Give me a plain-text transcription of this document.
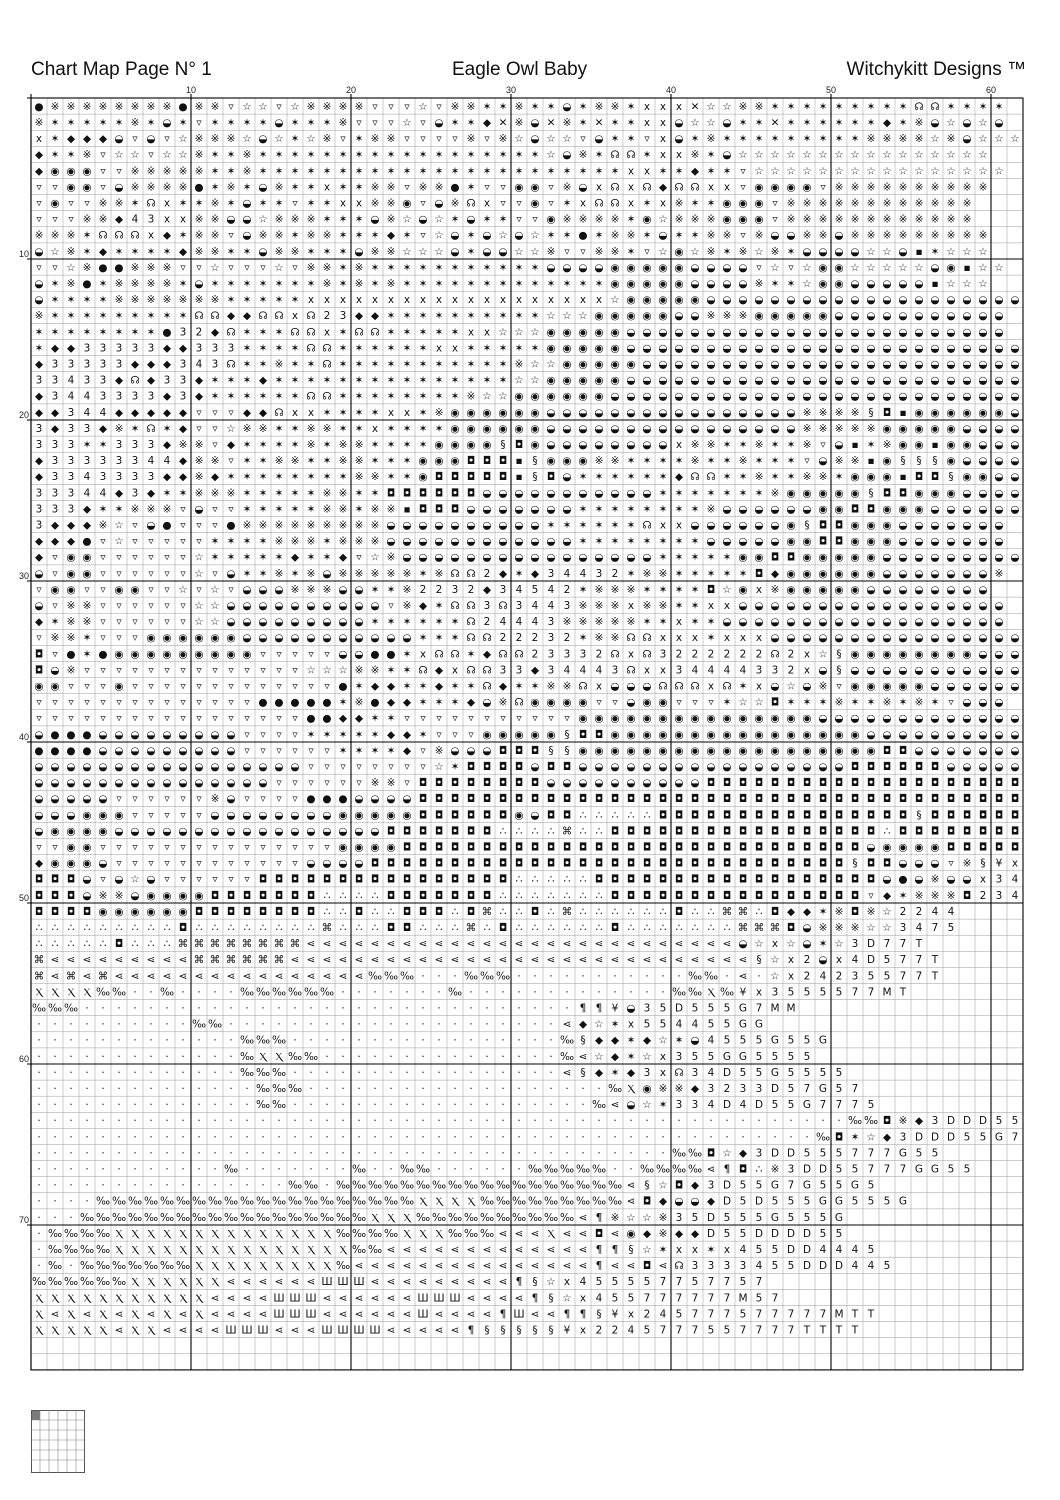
Chart Map Page N° 1	Eagle Owl Baby	Witchykitt Designs ™
10	20	30	40	50	60
10
20
30
40
50
60
70
● ※ ※ ※ ※ ※ ※ ※ ※ ● ※ ※ ▿ ☆ ☆ ▿ ☆ ※ ※ ※ ※ ▿ ▿ ▿ ☆ ▿ ※ ※ ✶ ✶ ※ ✶ ✶ ◒ ✶ ※ ※ ✶ x x x ✕ ☆ ☆ ※ ※ ✶ ✶ ✶ ✶ ✶ ✶ ✶ ✶ ✶ ☊ ☊ ✶ ✶ ✶ ✶
※ ✶ ✶ ✶ ✶ ✶ ※ ✶ ◒ ✶ ▿ ✶ ✶ ✶ ✶ ◒ ✶ ✶ ✶ ※ ▿ ▿ ▿ ☆ ▿ ◒ ✶ ✶ ◆ ✕ ※ ◒ ✕ ※ ✶ ✕ ✶ ✶ x x ◒ ☆ ☆ ◒ ✶ ✶ ✕ ✶ ✶ ✶ ✶ ✶ ✶ ◆ ✶ ※ ◒ ☆ ◒ ☆ ◒
x ✶ ◆ ◆ ◆ ◒ ▿ ◒ ▿ ☆ ※ ※ ※ ☆ ◒ ☆ ✶ ☆ ※ ▿ ✶ ※ ※ ▿ ▿ ▿ ▿ ※ ▿ ※ ☆ ◒ ☆ ☆ ▿ ◒ ✶ ✶ ▿ x ◒ ✶ ※ ✶ ✶ ✶ ✶ ✶ ✶ ✶ ✶ ✶ ※ ※ ※ ※ ☆ ※ ◒ ☆ ☆ ☆
◆ ✶ ✶ ※ ▿ ☆ ☆ ▿ ☆ ☆ ※ ✶ ✶ ※ ✶ ✶ ✶ ✶ ✶ ✶ ✶ ✶ ✶ ✶ ✶ ✶ ✶ ✶ ✶ ✶ ✶ ✶ ☆ ◒ ※ ✶ ☊ ☊ ✶ x x ※ ✶ ◒ ☆ ☆ ☆ ☆ ☆ ☆ ☆ ☆ ☆ ☆ ☆ ☆ ☆ ☆ ☆ ☆
◆ ◉ ◉ ◉ ▿ ▿ ※ ※ ※ ※ ※ ✶ ✶ ※ ✶ ✶ ✶ ✶ ✶ ✶ ✶ ✶ ✶ ✶ ✶ ✶ ✶ ✶ ✶ ✶ ✶ ✶ ✶ ✶ ✶ ✶ ✶ x x ✶ ✶ ◆ ✶ ✶ ▿ ☆ ☆ ☆ ☆ ☆ ☆ ☆ ☆ ☆ ☆ ☆ ☆ ☆ ☆ ☆ ☆
▿ ▿ ◉ ◉ ▿ ◒ ※ ※ ※ ※ ● ✶ ※ ✶ ◒ ※ ✶ ✶ x ✶ ✶ ※ ※ ▿ ※ ※ ● ✶ ▿ ▿ ◉ ◉ ▿ ※ ◒ x ☊ x ☊ ◆ ☊ ☊ x x ▿ ◉ ◉ ◉ ◉ ▿ ※ ※ ※ ※ ※ ※ ※ ※ ※ ※
▿ ◉ ▿ ▿ ※ ※ ✶ ☊ x ✶ ✶ ※ ✶ ◒ ✶ ✶ ▿ ✶ ✶ x x ※ ※ ◉ ▿ ◒ ※ ☊ x ▿ ▿ ◉ ▿ ✶ x ☊ ☊ x ✶ x ※ ✶ ✶ ◉ ◉ ◉ ▿ ※ ※ ※ ※ ※ ※ ※ ※ ※ ※ ※ ※
▿ ▿ ▿ ※ ※ ◆ 4 3 x x ※ ※ ◒ ◒ ☆ ※ ※ ※ ✶ ✶ ✶ ◒ ※ ☆ ◒ ☆ ✶ ◒ ✶ ✶ ▿ ▿ ◉ ※ ※ ※ ※ ✶ ◉ ☆ ※ ※ ※ ◉ ◉ ◉ ▿ ※ ※ ※ ※ ※ ※ ※ ※ ※ ※ ※ ※
※ ※ ※ ✶ ☊ ☊ ☊ x ◆ ✶ ※ ※ ▿ ◒ ※ ※ ✶ ※ ※ ✶ ✶ ✶ ◆ ✶ ▿ ☆ ◒ ✶ ◒ ☆ ◒ ☆ ✶ ✶ ● ✶ ※ ※ ✶ ◒ ✶ ✶ ※ ※ ▿ ※ ◒ ◒ ※ ※ ◒ ※ ※ ※ ※ ※ ※ ※ ※ ※
◒ ☆ ※ ✶ ◆ ✶ ✶ ✶ ✶ ◆ ※ ※ ✶ ✶ ◒ ※ ※ ✶ ✶ ✶ ◒ ※ ※ ☆ ☆ ☆ ◒ ✶ ◒ ◒ ☆ ☆ ※ ▿ ▿ ※ ※ ✶ ▿ ☆ ◉ ☆ ※ ✶ ※ ☆ ※ ✶ ◒ ◒ ◒ ◒ ☆ ☆ ◒ ▪ ✶ ☆ ☆ ☆
▿ ▿ ☆ ※ ● ● ※ ※ ※ ▿ ▿ ☆ ▿ ▿ ▿ ☆ ▿ ※ ※ ✶ ※ ✶ ✶ ✶ ✶ ✶ ✶ ✶ ✶ ✶ ✶ ✶ ◒ ◒ ◒ ◒ ◉ ◉ ◉ ◉ ◉ ◒ ◒ ◒ ◒ ▿ ☆ ▿ ☆ ◉ ◉ ☆ ☆ ☆ ☆ ☆ ◒ ◉ ▪ ☆ ☆
◒ ✶ ※ ● ✶ ※ ※ ※ ※ ✶ ◒ ✶ ✶ ✶ ✶ ✶ ✶ ✶ ※ ✶ ※ ✶ ※ ✶ ✶ ✶ ✶ ✶ ✶ ✶ ✶ ✶ ✶ ✶ ✶ ✶ ◉ ◉ ◉ ◉ ◉ ◒ ◒ ◒ ◒ ※ ✶ ✶ ☆ ◉ ◉ ◒ ◒ ◒ ◒ ◒ ▪ ☆ ☆ ☆
◒ ✶ ✶ ✶ ✶ ※ ※ ※ ※ ※ ※ ※ ✶ ✶ ✶ ✶ ✶ x x x x x x x x x x x x x x x x x x x ☆ ◉ ◉ ◉ ◉ ◉ ◒ ◒ ◒ ◒ ◒ ◒ ◒ ◒ ◒ ◒ ◒ ◒ ◒ ◒ ◒ ◒ ◒ ◒ ◒ ◒
※ ✶ ✶ ✶ ✶ ✶ ✶ ✶ ✶ ✶ ☊ ☊ ◆ ◆ ☊ ☊ x ☊ 2 3 ◆ ◆ ✶ ✶ ✶ ✶ ✶ ✶ ✶ ✶ ✶ ✶ ☆ ☆ ☆ ◉ ◉ ◉ ◉ ◉ ◒ ◒ ※ ※ ※ ◉ ◉ ◉ ◉ ◉ ◒ ◒ ◒ ◒ ◒ ◒ ◒ ◒ ◒ ◒ ◒
✶ ✶ ✶ ✶ ✶ ✶ ✶ ✶ ● 3 2 ◆ ☊ ✶ ✶ ✶ ☊ ☊ x ✶ ☊ ☊ ✶ ✶ ✶ ✶ ✶ x x ☆ ☆ ☆ ◉ ◉ ◉ ◉ ◉ ◒ ◒ ◒ ◒ ◒ ◒ ◒ ◒ ◒ ◒ ◒ ◒ ◒ ◒ ◒ ◒ ◒ ◒ ◒ ◒ ◒ ◒ ◒ ◒
✶ ◆ ◆ 3 3 3 3 3 ◆ ◆ 3 3 3 ✶ ✶ ✶ ✶ ☊ ☊ ✶ ✶ ✶ ✶ ✶ ✶ x x ✶ ✶ ✶ ✶ ✶ ◉ ◉ ◉ ◉ ◉ ◒ ◒ ◒ ◒ ◒ ◒ ◒ ◒ ◒ ◒ ◒ ◒ ◒ ◒ ◒ ◒ ◒ ◒ ◒ ◒ ◒ ◒ ◒ ◒ ◒
◆ 3 3 3 3 3 ◆ ◆ ◆ 3 4 3 ☊ ✶ ✶ ※ ✶ ✶ ☊ ✶ ✶ ✶ ✶ ✶ ✶ ✶ ✶ ✶ ✶ ✶ ※ ☆ ☆ ◉ ◉ ◉ ◉ ◉ ◒ ◒ ◒ ◒ ◒ ◒ ◒ ◒ ◒ ◒ ◒ ◒ ◒ ◒ ◒ ◒ ◒ ◒ ◒ ◒ ◒ ◒ ◒ ◒
3 3 4 3 3 ◆ ☊ ◆ 3 3 ◆ ✶ ✶ ✶ ◆ ✶ ✶ ✶ ✶ ✶ ✶ ✶ ✶ ✶ ✶ ✶ ✶ ✶ ✶ ✶ ☆ ☆ ◉ ◉ ◉ ◉ ◉ ◒ ◒ ◒ ◒ ◒ ◒ ◒ ◒ ◒ ◒ ◒ ◒ ◒ ◒ ◒ ◒ ◒ ◒ ◒ ◒ ◒ ◒ ◒ ◒ ◒
◆ 3 4 4 3 3 3 3 ◆ 3 ◆ ✶ ✶ ✶ ✶ ✶ ✶ ☊ ☊ ✶ ✶ ✶ ✶ ✶ ✶ ✶ ✶ ※ ☆ ☆ ◉ ◉ ◉ ◉ ◉ ◉ ◒ ◒ ◒ ◒ ◒ ◒ ◒ ◒ ◒ ◒ ◒ ◒ ◒ ◒ ◒ ◒ ◒ ◒ ◒ ◒ ◒ ◒ ◒ ◒ ◒ ◒
◆ ◆ 3 4 4 ◆ ◆ ◆ ◆ ◆ ▿ ▿ ▿ ◆ ◆ ☊ x x ✶ ✶ ✶ ✶ x x ✶ ※ ◉ ◉ ◉ ◉ ◉ ◉ ◒ ◒ ◒ ◒ ◒ ◒ ◒ ◒ ◒ ◒ ◒ ◒ ◒ ◒ ◒ ◒ ※ ※ ※ ※ § ◘ ▪ ◉ ◉ ◉ ◉ ◉ ◉ ◒
3 ◆ 3 3 ◆ ※ ✶ ☊ ✶ ◆ ▿ ▿ ☆ ※ ※ ✶ ✶ ※ ※ ✶ ✶ x ✶ ✶ ✶ ✶ ◉ ◉ ◉ ◉ ◉ ◉ ◒ ◒ ◒ ◒ ◒ ◒ ◒ ◒ ◒ ◒ ◒ ◒ ◒ ◒ ◒ ◒ ※ ※ ※ ※ ※ ◉ ◉ ◉ ◉ ◉ ◒ ◒ ◒ ◒
3 3 3 ✶ ✶ 3 3 3 ◆ ※ ※ ▿ ◆ ✶ ✶ ✶ ✶ ※ ✶ ※ ※ ✶ ✶ ✶ ✶ ◉ ◉ ◉ ◉ § ◘ ◉ ◒ ◒ ◒ ◒ ◒ ◒ ◒ ◒ x ※ ※ ✶ ✶ ※ ✶ ✶ ※ ▿ ◒ ▪ ✶ ※ ◉ ◉ ▪ ◉ ◉ ◒ ◒ ◒
◆ 3 3 3 3 3 3 4 4 ◆ ※ ※ ▿ ✶ ✶ ※ ※ ✶ ✶ ※ ※ ✶ ✶ ✶ ◉ ◉ ◉ ◘ ◘ ◘ ▪ § ◉ ◉ ◉ ※ ※ ✶ ✶ ✶ ✶ ※ ✶ ✶ ※ ✶ ✶ ✶ ▿ ◒ ※ ※ ▪ ◉ § § § ◉ ◒ ◒ ◒ ◒
◆ 3 3 4 3 3 3 3 ◆ ◆ ※ ◆ ✶ ✶ ✶ ✶ ✶ ✶ ✶ ✶ ※ ※ ✶ ✶ ◉ ◘ ◘ ◘ ◘ ◘ ▪ § ◘ ◒ ✶ ✶ ✶ ✶ ✶ ✶ ◆ ☊ ☊ ✶ ✶ ※ ✶ ✶ ※ ※ ✶ ◉ ◉ ◉ ▪ ◘ ◘ § ◉ ◉ ◒ ◒
3 3 3 4 4 ◆ 3 ◆ ✶ ✶ ※ ※ ※ ✶ ✶ ✶ ✶ ✶ ※ ※ ✶ ✶ ◘ ◘ ◘ ◘ ◘ ◘ ◒ ◒ ◒ ◒ ◒ ◒ ◒ ◒ ◒ ◒ ◒ ✶ ✶ ✶ ✶ ✶ ✶ ✶ ※ ◉ ◉ ◉ ◉ ◉ § ◘ ◘ ◉ ◉ ◉ ◒ ◒ ◒ ◒
3 3 3 ◆ ✶ ✶ ※ ※ ※ ▿ ◒ ▿ ▿ ✶ ✶ ✶ ✶ ✶ ※ ※ ✶ ※ ※ ▪ ◘ ◘ ◘ ◒ ◒ ◒ ◒ ◒ ◒ ◒ ✶ ✶ ✶ ✶ ✶ ✶ ✶ ✶ ※ ◒ ◒ ◒ ◒ ◒ ◒ ◉ ◉ ◘ ◘ ◉ ◉ ◉ ◒ ◒ ◒ ◒ ◒ ◒
3 ◆ ◆ ◆ ※ ☆ ▿ ◒ ● ▿ ▿ ▿ ● ※ ※ ※ ※ ※ ※ ※ ※ ※ ◒ ◒ ◒ ◒ ◒ ◒ ◒ ◒ ◒ ◒ ✶ ✶ ✶ ✶ ✶ ✶ ☊ x x ◒ ◒ ◒ ◒ ◒ ◒ ◉ § ◘ ◘ ◉ ◉ ◉ ◒ ◒ ◒ ◒ ◒ ◒ ◒
◆ ◆ ◆ ● ▿ ☆ ▿ ▿ ▿ ▿ ▿ ✶ ✶ ✶ ✶ ※ ※ ※ ✶ ※ ※ ※ ◒ ◒ ◒ ◒ ◒ ◒ ◒ ◒ ◒ ◒ ◒ ◒ ✶ ✶ ✶ ✶ ✶ ✶ ✶ ✶ ◒ ◒ ◒ ◒ ◒ ◉ ◉ ◘ ◘ ◉ ◉ ◉ ◒ ◒ ◒ ◒ ◒ ◒ ◒
◆ ▿ ◉ ◉ ▿ ▿ ▿ ▿ ▿ ▿ ☆ ✶ ✶ ✶ ✶ ✶ ◆ ✶ ✶ ◆ ▿ ☆ ※ ◒ ◒ ◒ ◒ ◒ ◒ ◒ ◒ ◒ ◒ ◒ ◒ ◒ ◒ ◒ ◒ ✶ ✶ ✶ ✶ ✶ ◉ ◉ ◘ ◘ ◉ ◉ ◉ ◉ ◉ ◒ ◒ ◒ ◒ ◒ ◒ ◒ ◒ ◒
◒ ▿ ◉ ◉ ▿ ▿ ▿ ▿ ▿ ▿ ☆ ▿ ◒ ✶ ✶ ※ ✶ ※ ◒ ※ ※ ※ ※ ※ ✶ ※ ☊ ☊ 2 ◆ ✶ ◆ 3 4 4 3 2 ✶ ※ ※ ✶ ✶ ✶ ✶ ✶ ◘ ◆ ◉ ◉ ◉ ◉ ◉ ◉ ◒ ◒ ◒ ◒ ◒ ◒ ◒ ※
▿ ◉ ◉ ▿ ▿ ◉ ◉ ▿ ▿ ☆ ▿ ☆ ▿ ◒ ◒ ◒ ※ ※ ※ ◒ ◒ ✶ ✶ ※ 2 2 3 2 ◆ 3 4 5 4 2 ✶ ※ ※ ※ ✶ ✶ ✶ ✶ ◘ ☆ ◉ x ※ ◉ ◉ ◉ ◉ ◉ ◒ ◒ ◒ ◒ ◒ ◒ ◒ ◒
◒ ▿ ※ ※ ▿ ▿ ▿ ▿ ▿ ▿ ☆ ☆ ◒ ◒ ◒ ◒ ◒ ◒ ◒ ◒ ◒ ◒ ▿ ※ ◆ ✶ ☊ ☊ 3 ☊ 3 4 4 3 ※ ※ ※ x ※ ※ ✶ ✶ x x ◒ ◒ ◒ ◒ ◒ ◒ ◒ ◒ ◒ ◒ ◒ ◒ ◒ ◒ ◒ ◒ ◒
◆ ✶ ※ ※ ▿ ▿ ▿ ▿ ▿ ▿ ☆ ☆ ◒ ◒ ◒ ◒ ◒ ◒ ◒ ◒ ◒ ✶ ✶ ✶ ✶ ✶ ✶ ☊ 2 4 4 4 3 ※ ※ ※ ※ ※ ✶ ✶ x ✶ ✶ ◒ ◒ ◒ ◒ ◒ ◒ ◒ ◒ ◒ ◒ ◒ ◒ ◒ ◒ ◒ ◒ ◒ ◒
▿ ※ ※ ✶ ▿ ▿ ▿ ◉ ◉ ◉ ◉ ◉ ◉ ◒ ◒ ◒ ◒ ◒ ◒ ◒ ◒ ◒ ◒ ◒ ✶ ✶ ✶ ☊ ☊ 2 2 2 3 2 ✶ ※ ※ ☊ ☊ x x x ✶ x x x ◒ ◒ ◒ ◒ ◒ ◒ ◒ ◒ ◒ ◒ ◒ ◒ ◒ ◒ ◒ ◒
◘ ▿ ● ✶ ● ◉ ◉ ◉ ◉ ◉ ◉ ◉ ◉ ◉ ▿ ▿ ▿ ▿ ▿ ◒ ◒ ● ● ✶ x ☊ ☊ ✶ ◆ ☊ ☊ 2 3 3 3 2 ☊ x ☊ 3 2 2 2 2 2 2 ☊ 2 x ☆ § ◉ ◉ ◉ ◉ ◉ ◉ ◉ ◉ ◒ ◒ ◒
◘ ◒ ※ ▿ ▿ ▿ ▿ ▿ ▿ ▿ ▿ ▿ ▿ ▿ ▿ ▿ ▿ ☆ ☆ ☆ ※ ※ ✶ ✶ ☊ ◆ x ☊ ☊ 3 3 ◆ 3 4 4 4 3 ☊ x x 3 4 4 4 4 3 3 2 x ◒ § ◒ ◒ ◒ ◒ ◒ ◒ ◒ ◒ ◒ ◒ ◒
◉ ◉ ▿ ▿ ▿ ◉ ▿ ▿ ▿ ▿ ▿ ▿ ▿ ▿ ▿ ▿ ▿ ▿ ▿ ● ✶ ◆ ◆ ✶ ✶ ◆ ✶ ✶ ☊ ◆ ✶ ✶ ※ ※ ☊ x ◒ ◒ ◒ ☊ ☊ ☊ x ☊ ✶ x ◒ ☆ ◒ ※ ▿ ◉ ◉ ◉ ◉ ◉ ◒ ◒ ◒ ◒ ◒ ◒
▿ ▿ ▿ ▿ ▿ ▿ ▿ ▿ ▿ ▿ ▿ ▿ ▿ ▿ ● ● ● ● ● ✶ ※ ● ◆ ◆ ✶ ✶ ✶ ◆ ◒ ※ ☊ ◉ ◉ ◉ ◉ ▿ ▿ ◒ ◉ ◉ ▿ ▿ ▿ ✶ ☆ ☆ ◘ ✶ ✶ ✶ ※ ✶ ✶ ※ ✶ ※ ✶ ▿ ◒ ◒ ◒
▿ ▿ ▿ ▿ ▿ ▿ ▿ ▿ ▿ ▿ ▿ ▿ ▿ ▿ ▿ ▿ ▿ ● ● ◆ ◆ ✶ ✶ ▿ ▿ ▿ ▿ ▿ ▿ ▿ ▿ ▿ ▿ ▿ ◉ ◉ ◉ ◉ ◉ ◉ ◉ ◉ ◉ ◉ ◉ ◉ ◉ ◉ ◉ ◒ ◒ ◒ ◒ ◒ ◒ ◒ ◒ ◒ ◒ ◒ ◒ ◒
◒ ● ● ● ◒ ◒ ◒ ◒ ◒ ◒ ◒ ◒ ◒ ▿ ▿ ▿ ▿ ✶ ✶ ✶ ✶ ✶ ◆ ◆ ✶ ▿ ▿ ▿ ◉ ◉ ◉ ◉ ◉ § ◘ ◘ ◉ ◉ ◉ ◉ ◉ ◉ ◉ ◉ ◉ ◉ ◉ ◉ ◉ ◉ ◉ ◉ ◒ ◒ ◒ ◒ ◒ ◒ ◒ ◒ ◒ ◒
● ● ● ● ◒ ◒ ◒ ◒ ◒ ◒ ◒ ◒ ◒ ▿ ▿ ▿ ▿ ▿ ▿ ✶ ✶ ✶ ✶ ◆ ▿ ※ ◒ ◒ ◒ ◘ ◘ ◘ § § ◉ ◉ ◉ ◉ ◉ ◉ ◉ ◉ ◉ ◉ ◉ ◉ ◉ ◉ ◉ ◉ ◉ ◉ ◉ ◘ ◘ ◒ ◒ ◒ ◒ ◒ ◒ ◒
◒ ◒ ◒ ◒ ◒ ◒ ◒ ◒ ◒ ◒ ◒ ◒ ◒ ◒ ◒ ◒ ◒ ▿ ▿ ▿ ▿ ▿ ▿ ▿ ▿ ☆ ✶ ◘ ◘ ◘ ◘ ◒ ◘ ◘ ◒ ◒ ◒ ◒ ◒ ◒ ◒ ◒ ◒ ◒ ◒ ◒ ◒ ◒ ◒ ◒ ◒ ◘ ◘ ◘ ◘ ◘ ◘ ◒ ◒ ◒ ◒ ◒
◒ ◒ ◒ ◒ ◒ ◒ ◒ ◒ ◒ ◒ ◒ ◒ ◒ ◒ ◒ ▿ ▿ ▿ ▿ ▿ ▿ ※ ※ ▿ ◘ ◘ ◘ ◘ ◘ ◘ ◘ ◘ ◒ ◒ ◒ ◒ ◒ ◒ ◒ ◒ ◒ ◒ ◘ ◘ ◘ ◘ ◘ ◘ ◘ ◘ ◘ ◘ ◘ ◘ ◘ ◘ ◘ ◘ ◘ ◘ ◘ ◘
◒ ◒ ◒ ◒ ◒ ▿ ▿ ▿ ▿ ▿ ▿ ※ ◒ ▿ ▿ ▿ ▿ ● ● ● ◒ ◒ ◒ ◒ ◘ ◘ ◘ ◘ ◘ ◘ ◘ ◘ ◘ ◘ ◘ ◘ ◘ ◘ ◘ ◘ ◘ ◘ ◘ ◘ ◘ ◘ ◘ ◘ ◘ ◘ ◘ ◘ ◘ ◘ ◘ ◘ ◘ ◘ ◘ ◘ ◘ ◘
◒ ◒ ◒ ◉ ◉ ◉ ▿ ▿ ▿ ▿ ▿ ◒ ◒ ◒ ◒ ◒ ◒ ◒ ◒ ◉ ◉ ◉ ◉ ◉ ◘ ◘ ◘ ◘ ◘ ◘ ◉ ◒ ◘ ◘ ∴ ∴ ∴ ∴ ∴ ◘ ◘ ◘ ◘ ◘ ◘ ◘ ◘ ◘ ◘ ◘ ◘ ◘ ◘ ◘ ◘ § ◘ ◘ ◘ ◘ ◘ ◘
◒ ◉ ◉ ◉ ◉ ◒ ◒ ◒ ◒ ◒ ◒ ◒ ◒ ◒ ◒ ◒ ◒ ◒ ◒ ◒ ◒ ◒ ◘ ◘ ◘ ◘ ◘ ◘ ◘ ∴ ∴ ∴ ∴ ⌘ ∴ ∴ ◘ ◘ ◘ ◘ ◘ ◘ ◘ ◘ ◘ ◘ ◘ ◘ ◘ ◘ ◘ ◘ ◘ ∴ ◘ ◘ ◘ ◘ ◘ ◘ ◘ ◘
▿ ▿ ◉ ◉ ▿ ▿ ▿ ▿ ▿ ▿ ▿ ▿ ▿ ▿ ▿ ▿ ▿ ▿ ▿ ◉ ◉ ◉ ◉ ◘ ◘ ◘ ◘ ◘ ◘ ◘ ◘ ◘ ◘ ◘ ◘ ◘ ◘ ◘ ◘ ◘ ◘ ◘ ◘ ◘ ◘ ◘ ◘ ◘ ◘ ◘ ◘ ◘ ◒ ◉ ◉ ◉ ◉ ◘ ◘ ◘ ◘ ◘
◆ ◉ ◉ ◉ ◒ ▿ ▿ ▿ ▿ ▿ ▿ ▿ ▿ ▿ ▿ ▿ ▿ ◒ ◒ ◒ ◒ ◘ ◘ ◘ ◘ ◘ ◘ ◘ ◘ ◘ ◘ ◘ ◘ ◘ ◘ ◘ ◘ ◘ ◘ ◘ ◘ ◘ ◘ ◘ ◘ ◘ ◘ ◘ ◘ ◘ ◘ § ◘ ◘ ◒ ◒ ◒ ▿ ※ § ¥ x
◘ ◘ ◘ ◒ ▿ ◒ ☆ ◒ ▿ ▿ ▿ ▿ ▿ ▿ ◘ ◘ ◘ ◘ ◘ ◘ ◘ ◘ ◘ ◘ ◘ ◘ ◘ ◘ ◘ ◘ ∴ ∴ ∴ ∴ ∴ ◘ ◘ ◘ ◘ ◘ ◘ ◘ ◘ ◘ ◘ ◘ ◘ ◘ ◘ ◘ ◘ ◘ ◘ ◒ ● ◒ ※ ◒ ◒ x 3 4
◘ ◘ ◘ ◒ ※ ※ ◒ ◉ ◉ ◉ ◉ ◘ ◘ ◘ ◘ ◘ ◘ ◘ ∴ ∴ ∴ ∴ ◘ ◘ ◘ ◘ ◘ ◘ ◘ ∴ ∴ ∴ ∴ ∴ ∴ ∴ ◘ ◘ ◘ ◘ ◘ ◘ ◘ ◘ ◘ ◘ ◘ ◘ ◘ ◘ ◘ ◘ ▿ ◆ ✶ ※ ※ ※ ◘ 2 3 4
◘ ◘ ◘ ◘ ◉ ◉ ◉ ◉ ◉ ◉ ◘ ◘ ◘ ◘ ◘ ◘ ◘ ◘ ∴ ∴ ◘ ∴ ∴ ◘ ◘ ◘ ∴ ◘ ⌘ ∴ ∴ ◘ ∴ ⌘ ∴ ∴ ∴ ∴ ∴ ∴ ◘ ∴ ∴ ⌘ ⌘ ∴ ◘ ◆ ◆ ✶ ※ ◘ ※ ☆ 2 2 4 4
∴ ∴ ∴ ∴ ∴ ∴ ∴ ∴ ∴ ◘ ∴ ∴ ∴ ∴ ∴ ∴ ∴ ∴ ⌘ ∴ ∴ ∴ ◘ ◘ ∴ ∴ ∴ ⌘ ∴ ◘ ∴ ∴ ∴ ∴ ∴ ∴ ◘ ∴ ∴ ∴ ∴ ∴ ∴ ∴ ⌘ ⌘ ⌘ ◘ ◒ ※ ※ ※ ☆ ☆ 3 4 7 5
∴ ∴ ∴ ∴ ∴ ◘ ∴ ∴ ∴ ⌘ ⌘ ⌘ ⌘ ⌘ ⌘ ⌘ ⌘ ⋖ ⋖ ⋖ ⋖ ⋖ ⋖ ⋖ ⋖ ⋖ ⋖ ⋖ ⋖ ⋖ ⋖ ⋖ ⋖ ⋖ ⋖ ⋖ ⋖ ⋖ ⋖ ⋖ ⋖ ⋖ ⋖ ⋖ ◒ ☆ x ☆ ◒ ✶ ☆ 3 D 7 7 T
⌘ ⋖ ⋖ ⋖ ⋖ ⋖ ⋖ ⋖ ⋖ ⋖ ⌘ ⌘ ⌘ ⌘ ⌘ ⌘ ⋖ ⋖ ⋖ ⋖ ⋖ ⋖ ⋖ ⋖ ⋖ ⋖ ⋖ ⋖ ⋖ ⋖ ⋖ ⋖ ⋖ ⋖ ⋖ ⋖ ⋖ ⋖ ⋖ ⋖ ⋖ ⋖ ⋖ ⋖ ⋖ § ☆ x 2 ◒ x 4 D 5 7 7 T
⌘ ⋖ ⌘ ⋖ ⌘ ⋖ ⋖ ⋖ ⋖ ⋖ ⋖ ⋖ ⋖ ⋖ ⋖ ⋖ ⋖ ⋖ ⋖ ⋖ ⋖ ‰ ‰ ‰ · · · ‰ ‰ ‰ · · · · · · · · · · · ‰ ‰ · ⋖ · ☆ x 2 4 2 3 5 5 7 7 T
Ⲭ Ⲭ Ⲭ Ⲭ ‰ ‰ · · ‰ · · · · ‰ ‰ ‰ ‰ ‰ ‰ · · · · · · · ‰ · · · · · · · · · · · · · ‰ ‰ Ⲭ ‰ ¥ x 3 5 5 5 5 7 7 M T
‰ ‰ ‰ · · · · · · · · · · · · · · · · · · · · · · · · · · · · · · · ¶ ¶ ¥ ◒ 3 5 D 5 5 5 G 7 M M
· · · · · · · · · · ‰ ‰ · · · · · · · · · · · · · · · · · · · · · ⋖ ◆ ☆ ✶ x 5 5 4 4 5 5 G G
· · · · · · · · · · · · · ‰ ‰ ‰ · · · · · · · · · · · · · · · · · ‰ § ◆ ◆ ✶ ◆ ☆ ✶ ◒ 4 5 5 5 G 5 5 G
· · · · · · · · · · · · · ‰ Ⲭ Ⲭ ‰ ‰ · · · · · · · · · · · · · · · ‰ ⋖ ☆ ◆ ✶ ☆ x 3 5 5 G G 5 5 5 5
· · · · · · · · · · · · · ‰ ‰ ‰ · · · · · · · · · · · · · · · · · ⋖ § ◆ ✶ ◆ 3 x ☊ 3 4 D 5 5 G 5 5 5 5
· · · · · · · · · · · · · · ‰ ‰ ‰ · · · · · · · · · · · · · · · · · · · ‰ Ⲭ ◉ ※ ※ ◆ 3 2 3 3 D 5 7 G 5 7
· · · · · · · · · · · · · · ‰ ‰ · · · · · · · · · · · · · · · · · · · ‰ ⋖ ◒ ☆ ✶ 3 3 4 D 4 D 5 5 G 7 7 7 5
· · · · · · · · · · · · · · · · · · · · · · · · · · · · · · · · · · · · · · · · · · · · · · · · · · · ‰ ‰ ◘ ※ ◆ 3 D D D 5 5
· · · · · · · · · · · · · · · · · · · · · · · · · · · · · · · · · · · · · · · · · · · · · · · · · ‰ ◘ ✶ ☆ ◆ 3 D D D 5 5 G 7
· · · · · · · · · · · · · · · · · · · · · · · · · · · · · · · · · · · · · · · · ‰ ‰ ◘ ☆ ◆ 3 D D 5 5 5 7 7 7 G 5 5
· · · · · · · · · · · · ‰ · · · · · · · ‰ · · ‰ ‰ · · · · · · ‰ ‰ ‰ ‰ ‰ · · ‰ ‰ ‰ ‰ ⋖ ¶ ◘ ∴ ※ 3 D D 5 5 7 7 7 G G 5 5
· · · · · · · · · · · · · · · · ‰ ‰ · ‰ ‰ ‰ ‰ ‰ ‰ ‰ ‰ ‰ ‰ ‰ ‰ ‰ ‰ ‰ ‰ ‰ ‰ ⋖ § ☆ ◘ ◆ 3 D 5 5 G 7 G 5 5 G 5
· · · · ‰ ‰ ‰ ‰ ‰ ‰ ‰ ‰ ‰ ‰ ‰ ‰ ‰ ‰ ‰ ‰ ‰ ‰ ‰ ‰ Ⲭ Ⲭ Ⲭ Ⲭ ‰ ‰ ‰ ‰ ‰ ‰ ‰ ‰ ‰ ⋖ ◘ ◆ ◒ ◒ ◆ D 5 D 5 5 5 G G 5 5 5 G
· · · ‰ ‰ ‰ ‰ ‰ ‰ ‰ ‰ ‰ ‰ ‰ ‰ ‰ ‰ ‰ ‰ ‰ ‰ Ⲭ Ⲭ Ⲭ ‰ ‰ ‰ ‰ ‰ ‰ ‰ ‰ ‰ ‰ ⋖ ¶ ※ ☆ ☆ ※ 3 5 D 5 5 5 G 5 5 5 G
· ‰ ‰ ‰ ‰ Ⲭ Ⲭ Ⲭ Ⲭ Ⲭ Ⲭ Ⲭ Ⲭ Ⲭ Ⲭ Ⲭ Ⲭ Ⲭ Ⲭ ‰ ‰ ‰ ‰ Ⲭ Ⲭ Ⲭ ‰ ‰ ‰ ⋖ ⋖ ⋖ Ⲭ ⋖ ⋖ ◘ ⋖ ◉ ◆ ※ ◆ ◆ D 5 5 D D D D 5 5
· ‰ ‰ ‰ ‰ Ⲭ Ⲭ Ⲭ Ⲭ Ⲭ Ⲭ Ⲭ Ⲭ Ⲭ Ⲭ Ⲭ Ⲭ Ⲭ Ⲭ Ⲭ ‰ ‰ ⋖ ⋖ ⋖ ⋖ ⋖ ⋖ ⋖ ⋖ ⋖ ⋖ ⋖ ⋖ ⋖ ¶ ¶ § ☆ ✶ x x ✶ x 4 5 5 D D 4 4 4 5
· ‰ · ‰ ‰ ‰ ‰ ‰ ‰ ‰ Ⲭ Ⲭ Ⲭ Ⲭ Ⲭ Ⲭ Ⲭ Ⲭ Ⲭ ‰ ⋖ ⋖ ⋖ ⋖ ⋖ ⋖ ⋖ ⋖ ⋖ ⋖ ⋖ ⋖ ⋖ ⋖ ⋖ ¶ ⋖ ⋖ ◘ ⋖ ☊ 3 3 3 3 4 5 5 D D D 4 4 5
‰ ‰ ‰ ‰ ‰ ‰ Ⲭ Ⲭ Ⲭ Ⲭ Ⲭ Ⲭ ⋖ ⋖ ⋖ ⋖ ⋖ ⋖ Ш Ш Ш ⋖ ⋖ ⋖ ⋖ ⋖ ⋖ ⋖ ⋖ ⋖ ¶ § ☆ x 4 5 5 5 5 7 7 5 7 7 5 7
Ⲭ Ⲭ Ⲭ Ⲭ Ⲭ Ⲭ Ⲭ Ⲭ Ⲭ Ⲭ Ⲭ ⋖ ⋖ ⋖ ⋖ Ш Ш Ш ⋖ ⋖ ⋖ ⋖ ⋖ ⋖ Ш Ш Ш ⋖ ⋖ ⋖ ⋖ ¶ § ☆ x 4 5 5 7 7 7 7 7 7 M 5 7
Ⲭ ⋖ Ⲭ ⋖ Ⲭ ⋖ Ⲭ ⋖ Ⲭ ⋖ Ⲭ ⋖ ⋖ ⋖ ⋖ Ш Ш Ш ⋖ ⋖ ⋖ ⋖ ⋖ ⋖ Ш ⋖ ⋖ ⋖ ⋖ ¶ Ш ⋖ ⋖ ¶ ¶ § ¥ x 2 4 5 7 7 7 5 7 7 7 7 7 M T T
Ⲭ Ⲭ Ⲭ Ⲭ Ⲭ ⋖ Ⲭ Ⲭ ⋖ ⋖ ⋖ ⋖ Ш Ш Ш ⋖ ⋖ ⋖ Ш Ш Ш Ш ⋖ ⋖ ⋖ ⋖ ⋖ ¶ § § § § § ¥ x 2 2 4 5 7 7 7 5 5 7 7 7 7 T T T T
